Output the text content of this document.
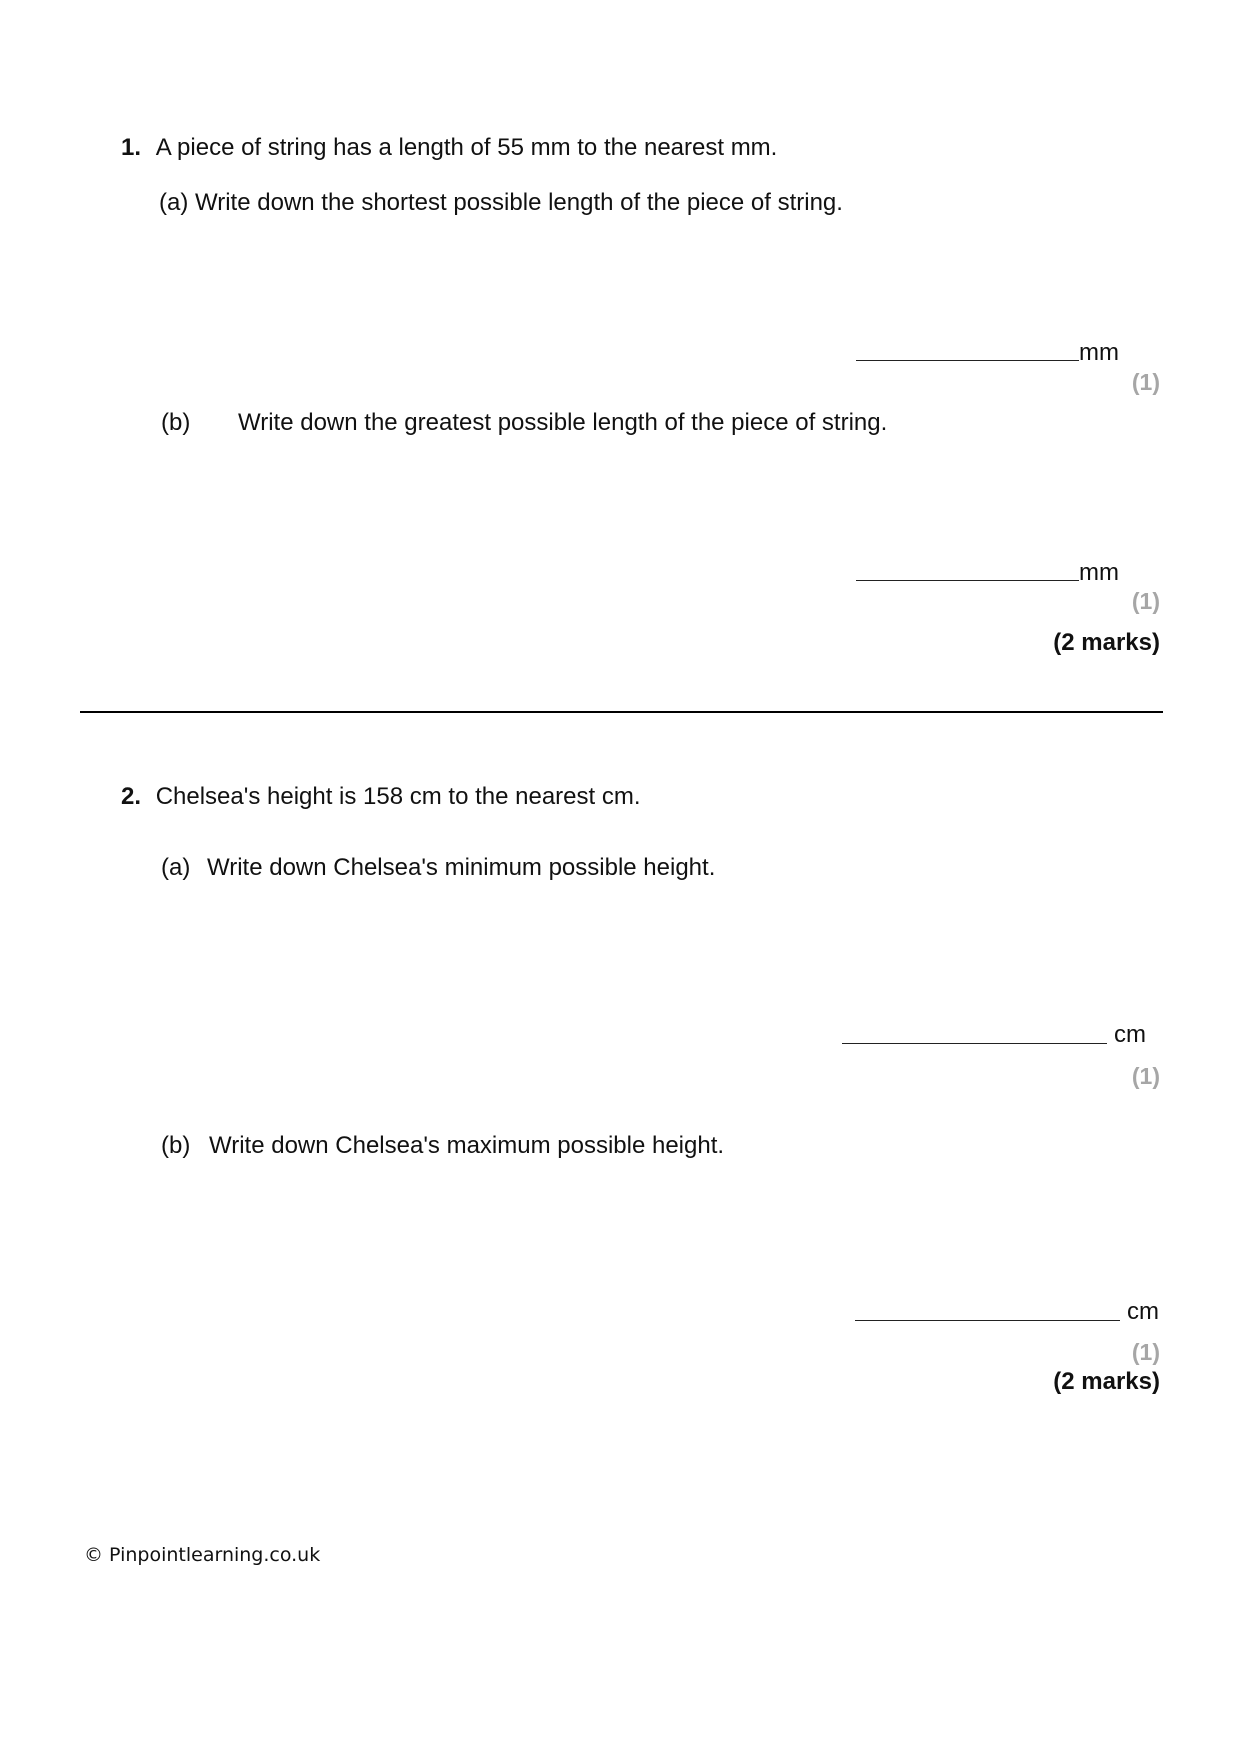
1. A piece of string has a length of 55 mm to the nearest mm.
(a) Write down the shortest possible length of the piece of string.
mm
(1)
(b) Write down the greatest possible length of the piece of string.
mm
(1)
(2 marks)
2. Chelsea's height is 158 cm to the nearest cm.
(a) Write down Chelsea's minimum possible height.
cm
(1)
(b) Write down Chelsea's maximum possible height.
cm
(1)
(2 marks)
© Pinpointlearning.co.uk
